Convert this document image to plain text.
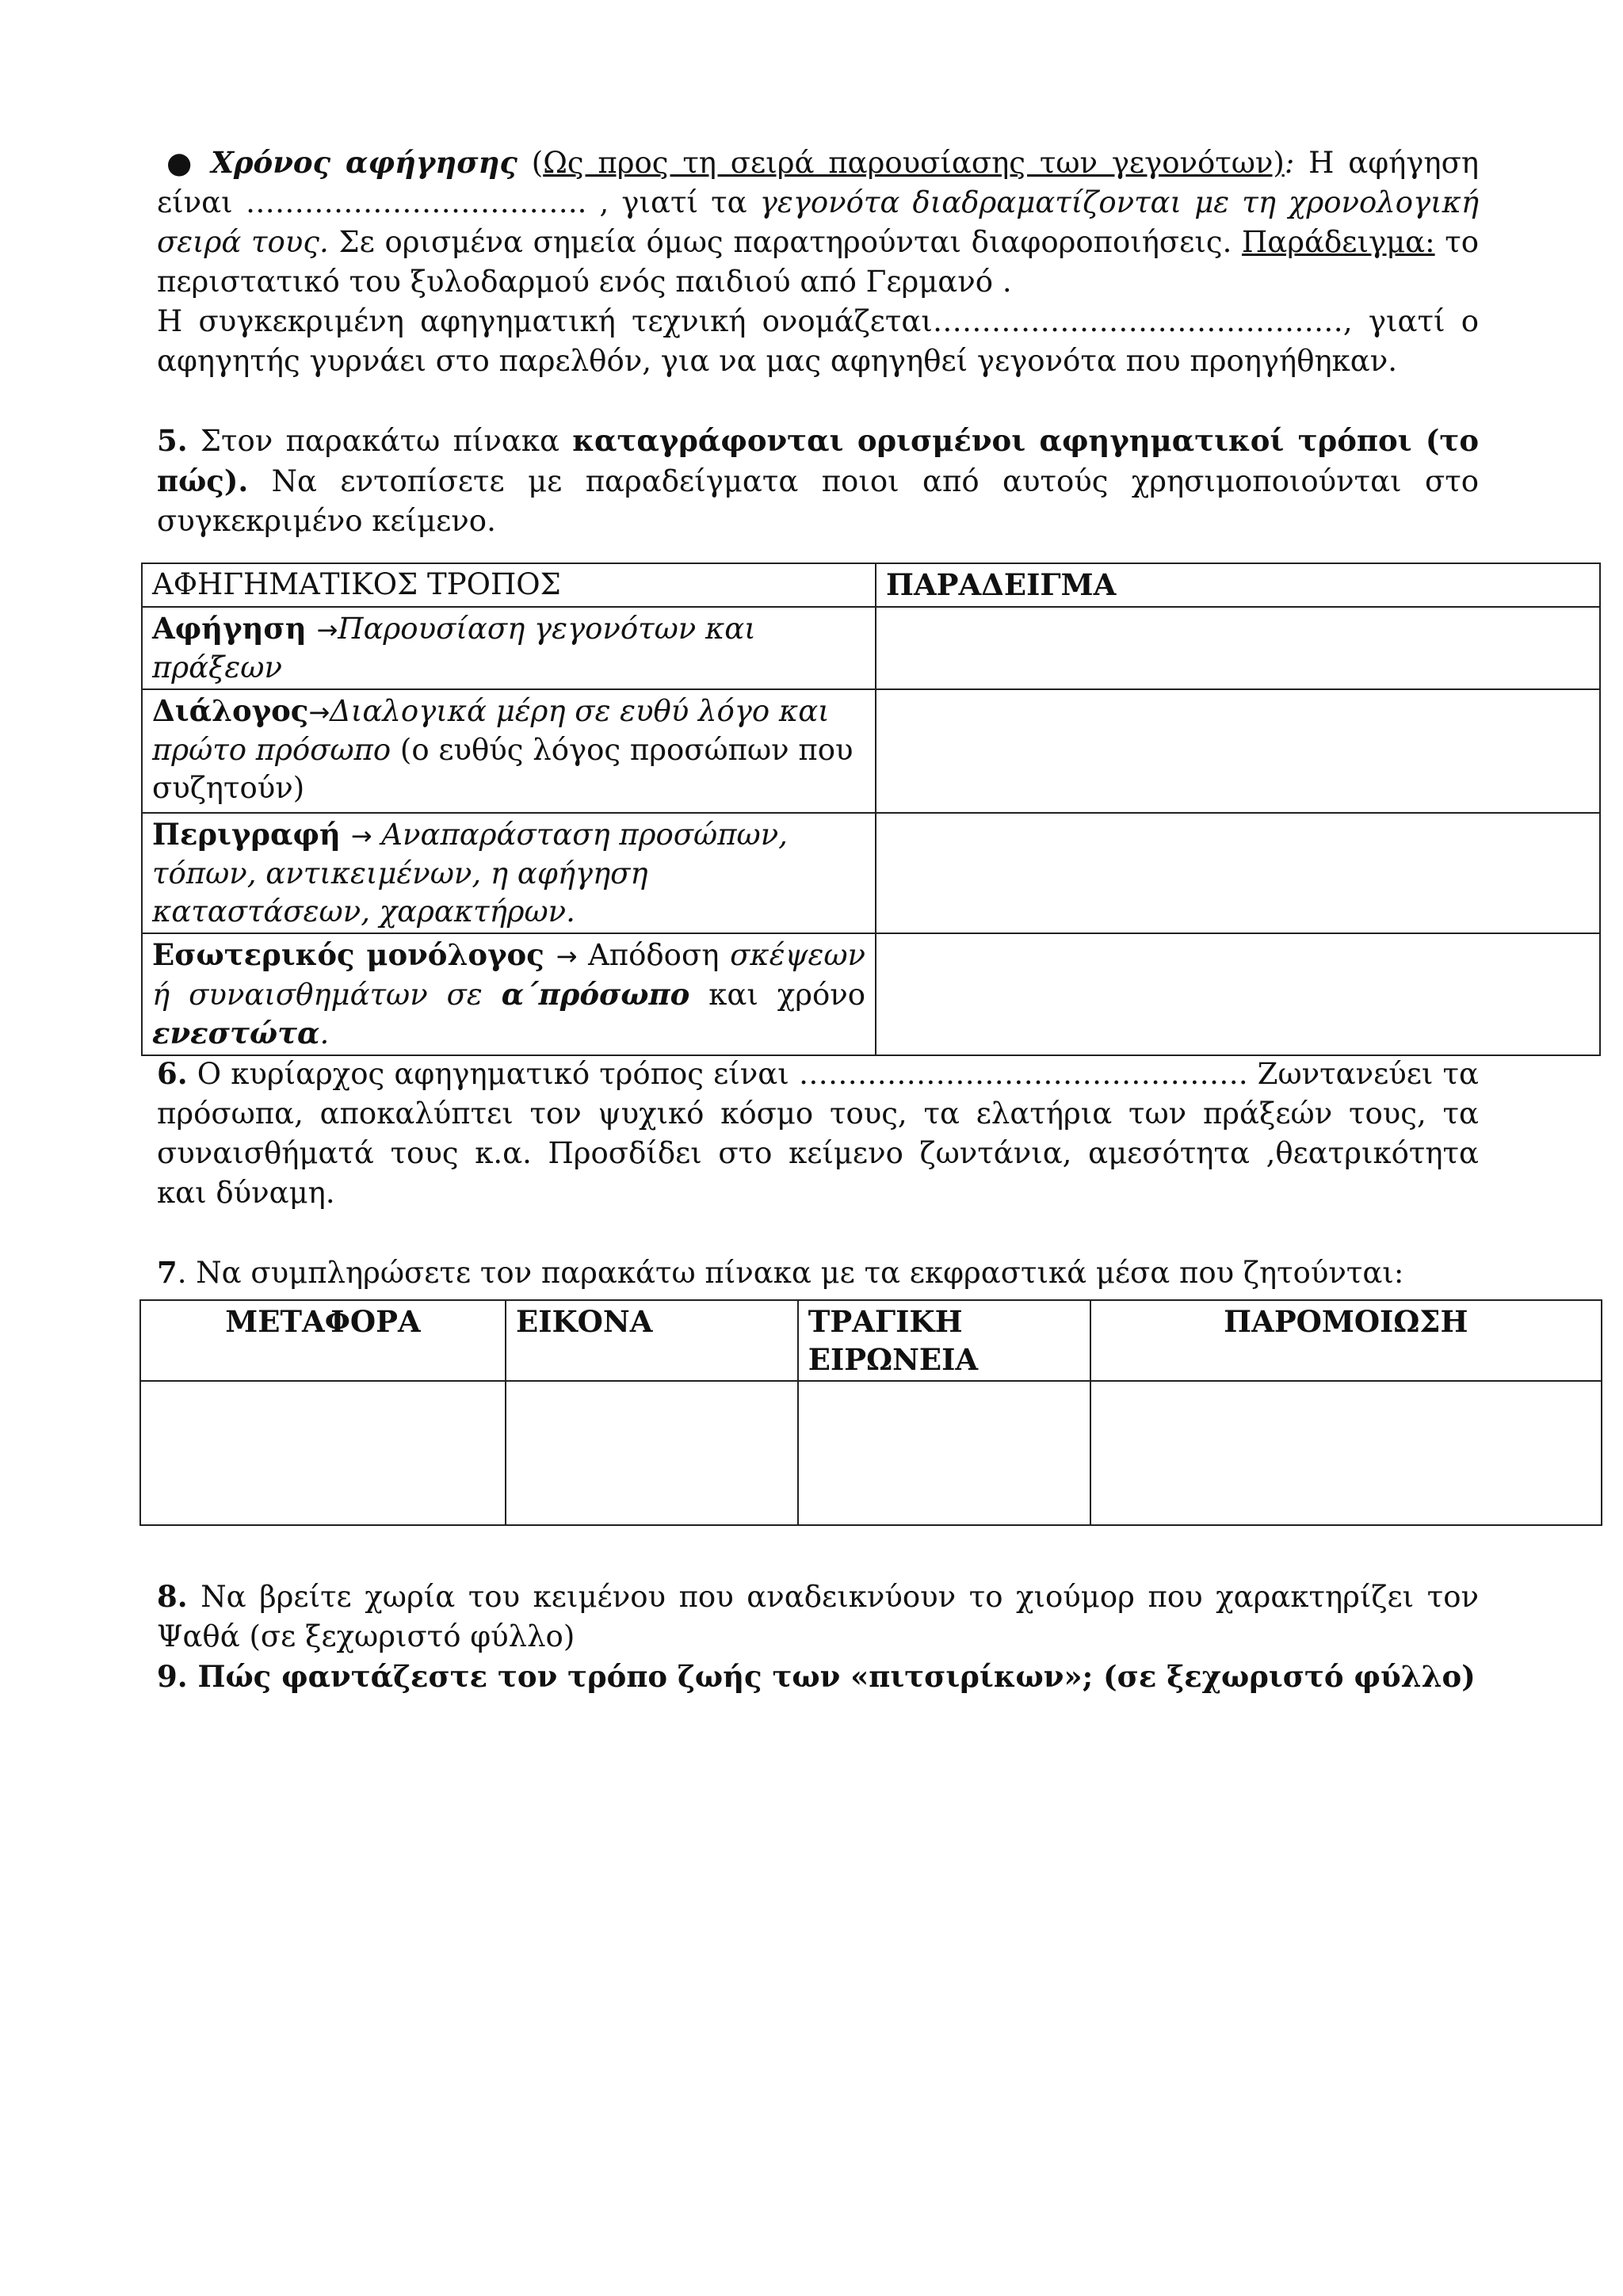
● Χρόνος αφήγησης (Ως προς τη σειρά παρουσίασης των γεγονότων): Η αφήγηση είναι …………………………….. , γιατί τα γεγονότα διαδραματίζονται με τη χρονολογική σειρά τους. Σε ορισμένα σημεία όμως παρατηρούνται διαφοροποιήσεις. Παράδειγμα: το περιστατικό του ξυλοδαρμού ενός παιδιού από Γερμανό .

Η συγκεκριμένη αφηγηματική τεχνική ονομάζεται……………………………………, γιατί ο αφηγητής γυρνάει στο παρελθόν, για να μας αφηγηθεί γεγονότα που προηγήθηκαν.

5. Στον παρακάτω πίνακα καταγράφονται ορισμένοι αφηγηματικοί τρόποι (το πώς). Να εντοπίσετε με παραδείγματα ποιοι από αυτούς χρησιμοποιούνται στο συγκεκριμένο κείμενο.

ΑΦΗΓΗΜΑΤΙΚΟΣ ΤΡΟΠΟΣ	ΠΑΡΑΔΕΙΓΜΑ
Αφήγηση →Παρουσίαση γεγονότων και πράξεων	
Διάλογος→Διαλογικά μέρη σε ευθύ λόγο και πρώτο πρόσωπο (ο ευθύς λόγος προσώπων που συζητούν)	
Περιγραφή → Αναπαράσταση προσώπων, τόπων, αντικειμένων, η αφήγηση καταστάσεων, χαρακτήρων.	
Εσωτερικός μονόλογος → Απόδοση σκέψεων ή συναισθημάτων σε α΄πρόσωπο και χρόνο ενεστώτα.	

6. Ο κυρίαρχος αφηγηματικό τρόπος είναι ………………………………………. Ζωντανεύει τα πρόσωπα, αποκαλύπτει τον ψυχικό κόσμο τους, τα ελατήρια των πράξεών τους, τα συναισθήματά τους κ.α. Προσδίδει στο κείμενο ζωντάνια, αμεσότητα ,θεατρικότητα και δύναμη.

7. Να συμπληρώσετε τον παρακάτω πίνακα με τα εκφραστικά μέσα που ζητούνται:

ΜΕΤΑΦΟΡΑ	ΕΙΚΟΝΑ	ΤΡΑΓΙΚΗ ΕΙΡΩΝΕΙΑ	ΠΑΡΟΜΟΙΩΣΗ

8. Να βρείτε χωρία του κειμένου που αναδεικνύουν το χιούμορ που χαρακτηρίζει τον Ψαθά (σε ξεχωριστό φύλλο)

9. Πώς φαντάζεστε τον τρόπο ζωής των «πιτσιρίκων»; (σε ξεχωριστό φύλλο)
